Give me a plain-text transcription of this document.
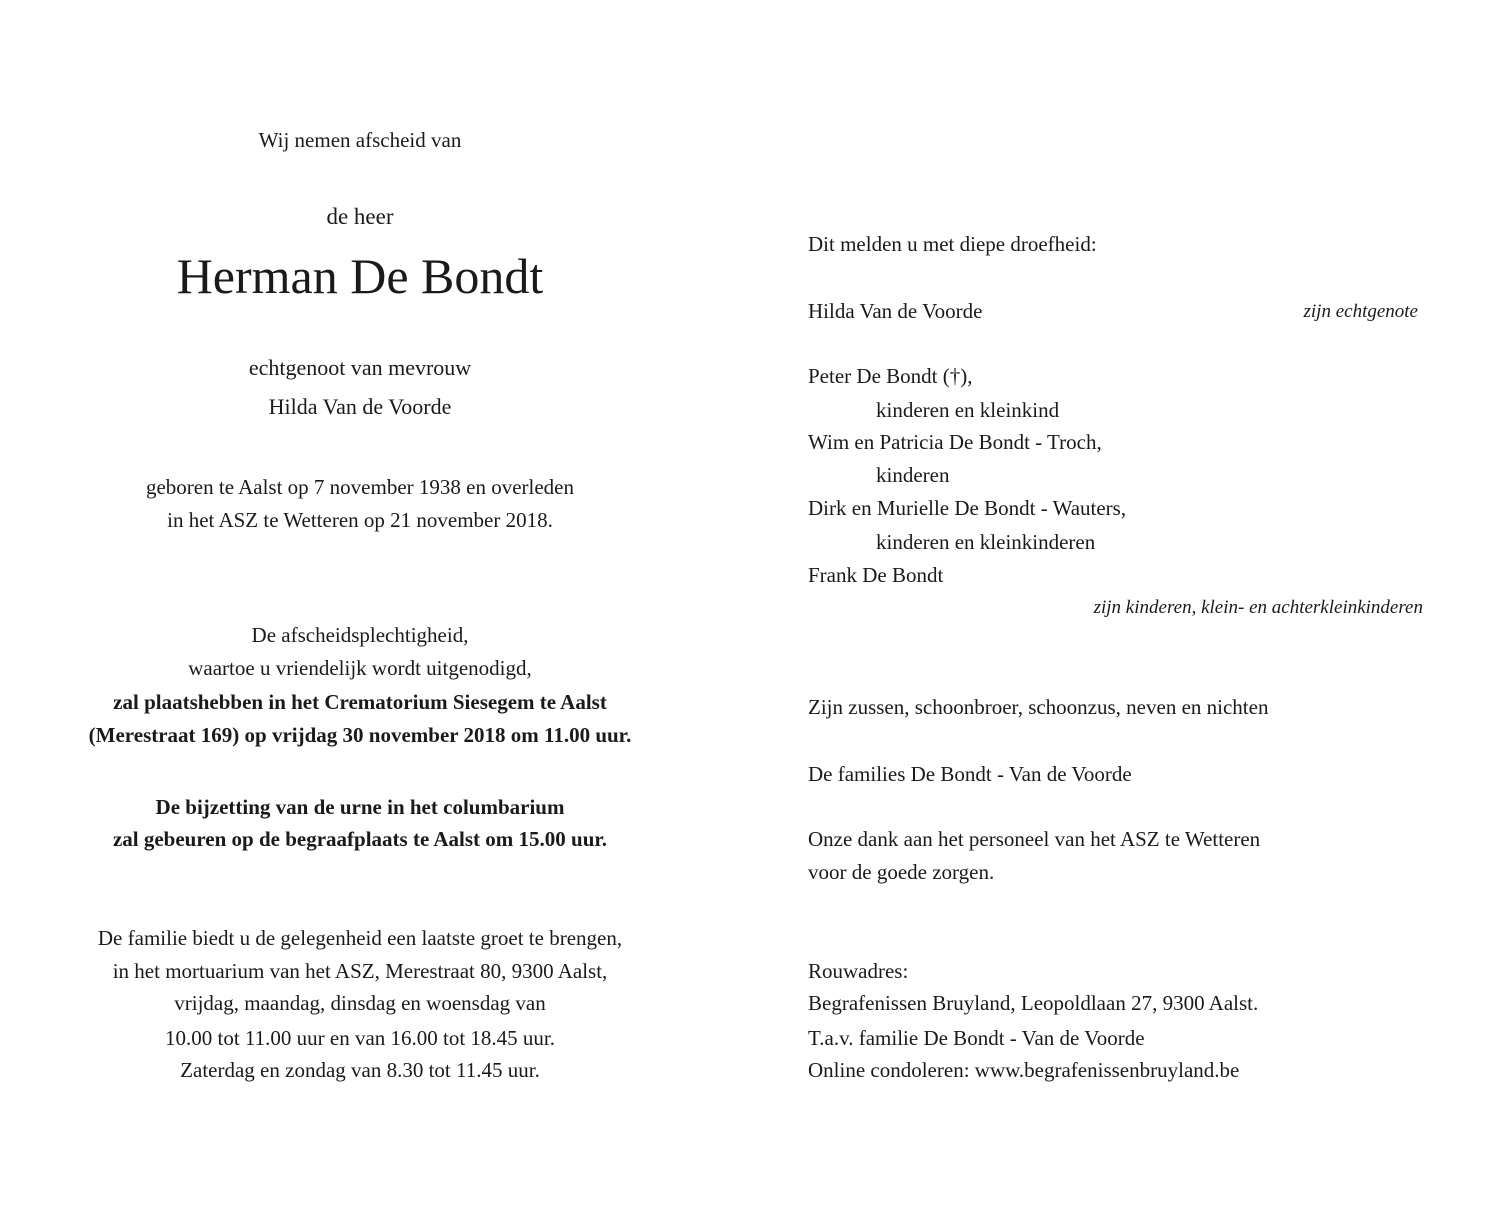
Wij nemen afscheid van
de heer
Herman De Bondt
echtgenoot van mevrouw
Hilda Van de Voorde
geboren te Aalst op 7 november 1938 en overleden
in het ASZ te Wetteren op 21 november 2018.
De afscheidsplechtigheid,
waartoe u vriendelijk wordt uitgenodigd,
zal plaatshebben in het Crematorium Siesegem te Aalst
(Merestraat 169) op vrijdag 30 november 2018 om 11.00 uur.
De bijzetting van de urne in het columbarium
zal gebeuren op de begraafplaats te Aalst om 15.00 uur.
De familie biedt u de gelegenheid een laatste groet te brengen,
in het mortuarium van het ASZ, Merestraat 80, 9300 Aalst,
vrijdag, maandag, dinsdag en woensdag van
10.00 tot 11.00 uur en van 16.00 tot 18.45 uur.
Zaterdag en zondag van 8.30 tot 11.45 uur.
Dit melden u met diepe droefheid:
Hilda Van de Voorde	zijn echtgenote
Peter De Bondt (†),
kinderen en kleinkind
Wim en Patricia De Bondt - Troch,
kinderen
Dirk en Murielle De Bondt - Wauters,
kinderen en kleinkinderen
Frank De Bondt
zijn kinderen, klein- en achterkleinkinderen
Zijn zussen, schoonbroer, schoonzus, neven en nichten
De families De Bondt - Van de Voorde
Onze dank aan het personeel van het ASZ te Wetteren
voor de goede zorgen.
Rouwadres:
Begrafenissen Bruyland, Leopoldlaan 27, 9300 Aalst.
T.a.v. familie De Bondt - Van de Voorde
Online condoleren: www.begrafenissenbruyland.be
